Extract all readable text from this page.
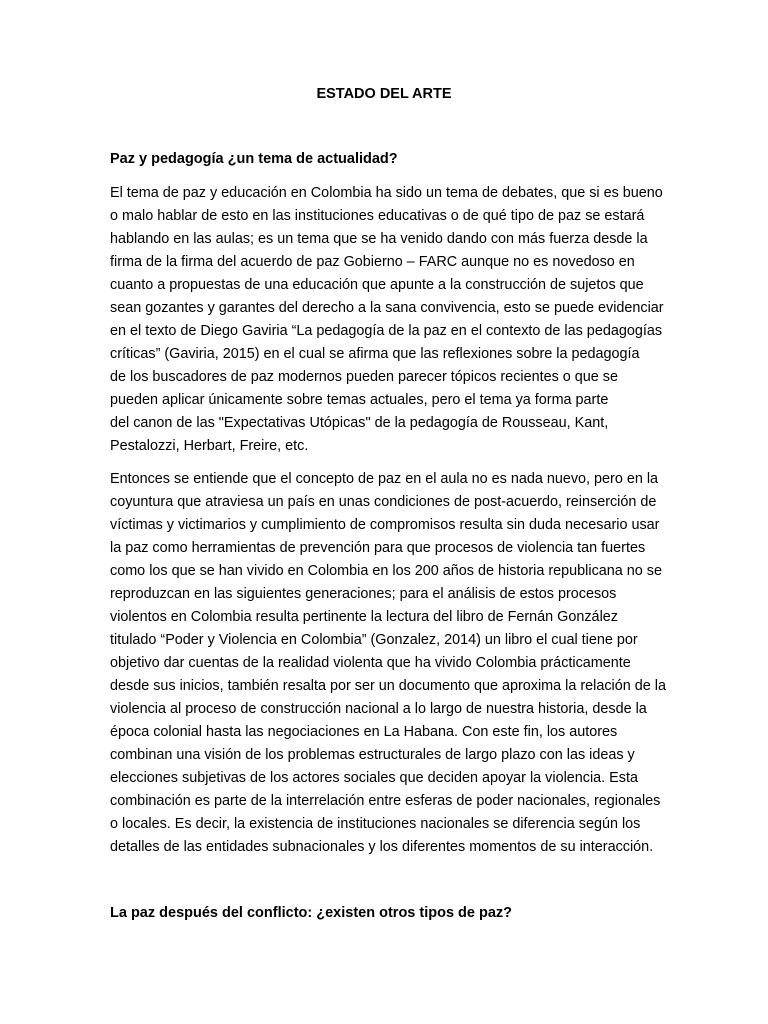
ESTADO DEL ARTE
Paz y pedagogía ¿un tema de actualidad?
El tema de paz y educación en Colombia ha sido un tema de debates, que si es bueno
o malo hablar de esto en las instituciones educativas o de qué tipo de paz se estará
hablando en las aulas; es un tema que se ha venido dando con más fuerza desde la
firma de la firma del acuerdo de paz Gobierno – FARC aunque no es novedoso en
cuanto a propuestas de una educación que apunte a la construcción de sujetos que
sean gozantes y garantes del derecho a la sana convivencia, esto se puede evidenciar
en el texto de Diego Gaviria “La pedagogía de la paz en el contexto de las pedagogías
críticas” (Gaviria, 2015) en el cual se afirma que las reflexiones sobre la pedagogía
de los buscadores de paz modernos pueden parecer tópicos recientes o que se
pueden aplicar únicamente sobre temas actuales, pero el tema ya forma parte
del canon de las "Expectativas Utópicas" de la pedagogía de Rousseau, Kant,
Pestalozzi, Herbart, Freire, etc.
Entonces se entiende que el concepto de paz en el aula no es nada nuevo, pero en la
coyuntura que atraviesa un país en unas condiciones de post-acuerdo, reinserción de
víctimas y victimarios y cumplimiento de compromisos resulta sin duda necesario usar
la paz como herramientas de prevención para que procesos de violencia tan fuertes
como los que se han vivido en Colombia en los 200 años de historia republicana no se
reproduzcan en las siguientes generaciones; para el análisis de estos procesos
violentos en Colombia resulta pertinente la lectura del libro de Fernán González
titulado “Poder y Violencia en Colombia” (Gonzalez, 2014) un libro el cual tiene por
objetivo dar cuentas de la realidad violenta que ha vivido Colombia prácticamente
desde sus inicios, también resalta por ser un documento que aproxima la relación de la
violencia al proceso de construcción nacional a lo largo de nuestra historia, desde la
época colonial hasta las negociaciones en La Habana. Con este fin, los autores
combinan una visión de los problemas estructurales de largo plazo con las ideas y
elecciones subjetivas de los actores sociales que deciden apoyar la violencia. Esta
combinación es parte de la interrelación entre esferas de poder nacionales, regionales
o locales. Es decir, la existencia de instituciones nacionales se diferencia según los
detalles de las entidades subnacionales y los diferentes momentos de su interacción.
La paz después del conflicto: ¿existen otros tipos de paz?
